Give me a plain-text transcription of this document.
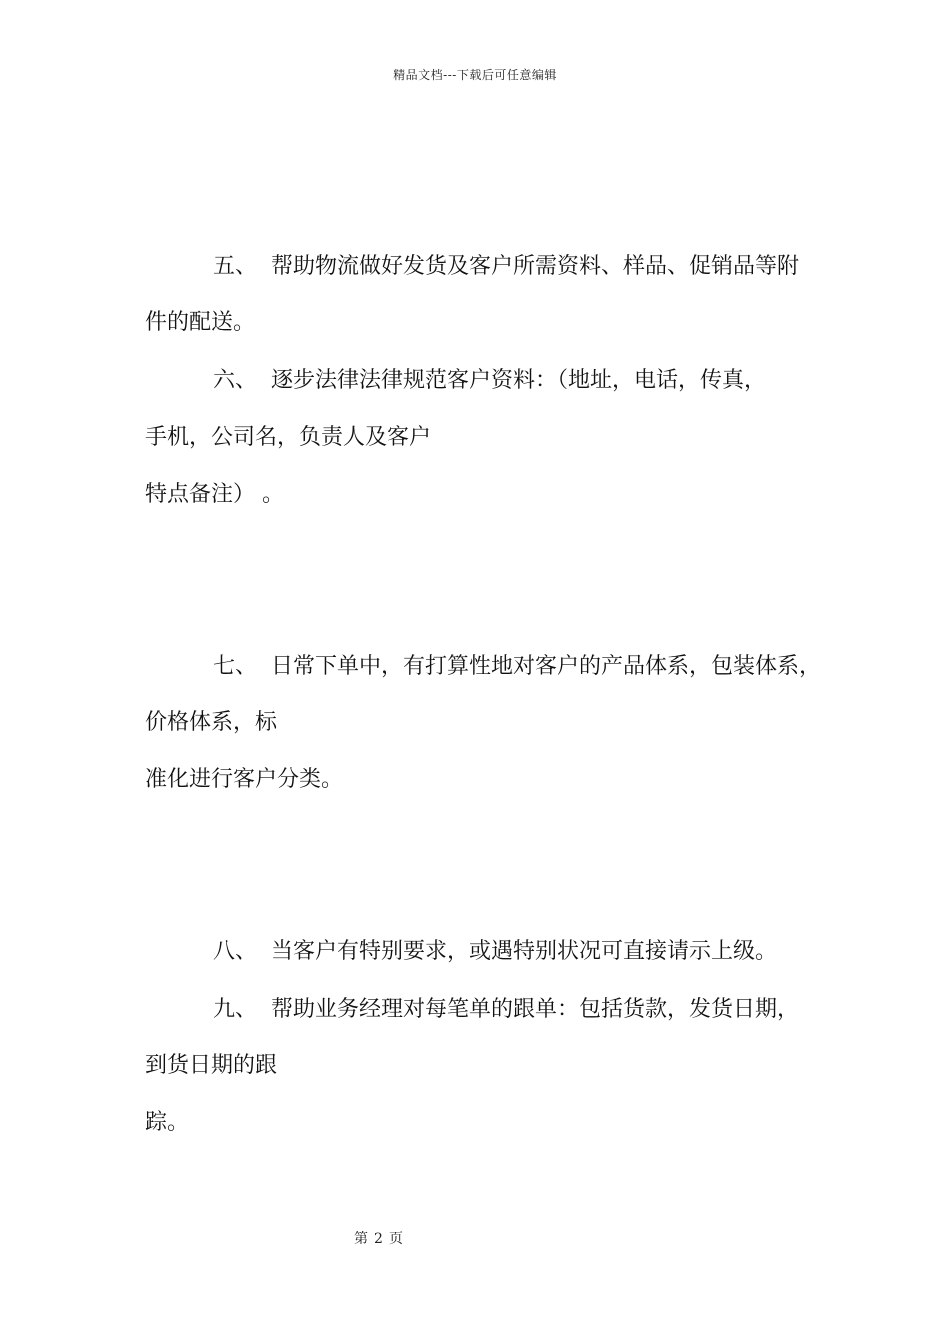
精品文档---下载后可任意编辑
五、 帮助物流做好发货及客户所需资料、样品、促销品等附
件的配送。
六、 逐步法律法律规范客户资料：（地址，电话，传真，
手机，公司名，负责人及客户
特点备注） 。
七、 日常下单中，有打算性地对客户的产品体系，包装体系，
价格体系，标
准化进行客户分类。
八、 当客户有特别要求，或遇特别状况可直接请示上级。
九、 帮助业务经理对每笔单的跟单：包括货款，发货日期，
到货日期的跟
踪。
第 2 页
